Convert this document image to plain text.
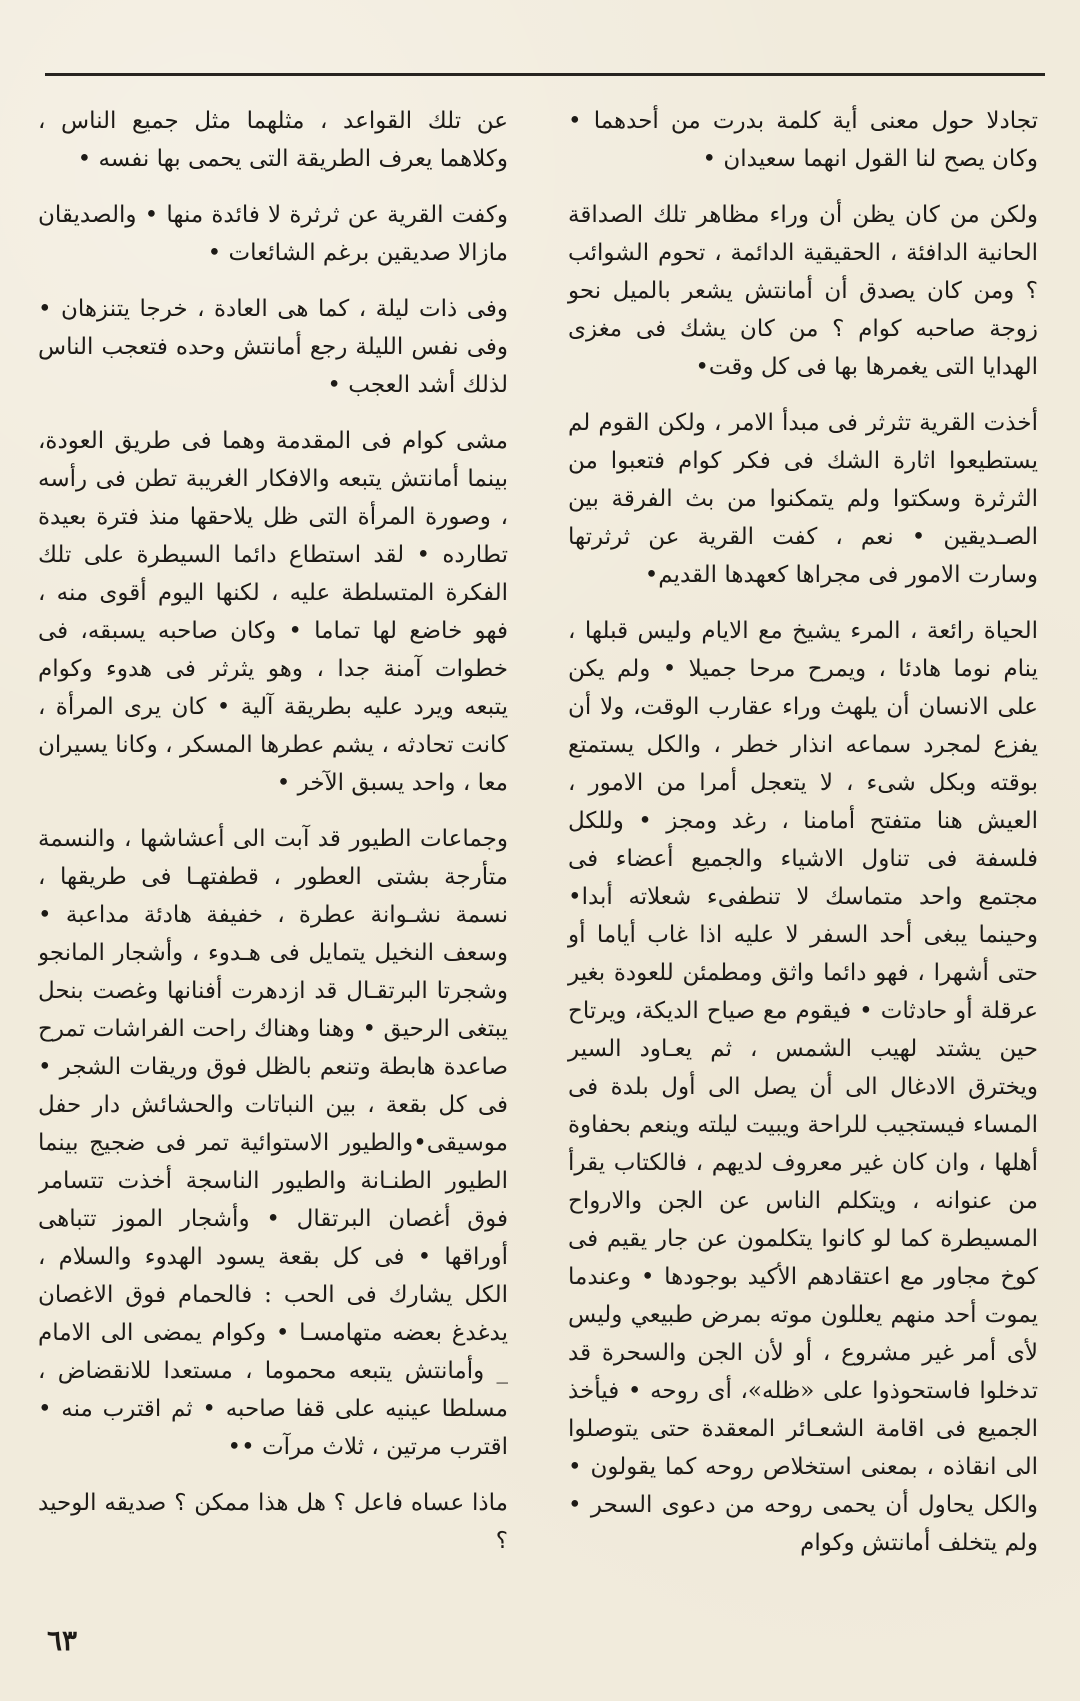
تجادلا حول معنى أية كلمة بدرت من أحدهما • وكان يصح لنا القول انهما سعيدان •

ولكن من كان يظن أن وراء مظاهر تلك الصداقة الحانية الدافئة ، الحقيقية الدائمة ، تحوم الشوائب ؟ ومن كان يصدق أن أمانتش يشعر بالميل نحو زوجة صاحبه كوام ؟ من كان يشك فى مغزى الهدايا التى يغمرها بها فى كل وقت•

أخذت القرية تثرثر فى مبدأ الامر ، ولكن القوم لم يستطيعوا اثارة الشك فى فكر كوام فتعبوا من الثرثرة وسكتوا ولم يتمكنوا من بث الفرقة بين الصـديقين • نعم ، كفت القرية عن ثرثرتها وسارت الامور فى مجراها كعهدها القديم•

الحياة رائعة ، المرء يشيخ مع الايام وليس قبلها ، ينام نوما هادئا ، ويمرح مرحا جميلا • ولم يكن على الانسان أن يلهث وراء عقارب الوقت، ولا أن يفزع لمجرد سماعه انذار خطر ، والكل يستمتع بوقته وبكل شىء ، لا يتعجل أمرا من الامور ، العيش هنا متفتح أمامنا ، رغد ومجز • وللكل فلسفة فى تناول الاشياء والجميع أعضاء فى مجتمع واحد متماسك لا تنطفىء شعلاته أبدا• وحينما يبغى أحد السفر لا عليه اذا غاب أياما أو حتى أشهرا ، فهو دائما واثق ومطمئن للعودة بغير عرقلة أو حادثات • فيقوم مع صياح الديكة، ويرتاح حين يشتد لهيب الشمس ، ثم يعـاود السير ويخترق الادغال الى أن يصل الى أول بلدة فى المساء فيستجيب للراحة ويبيت ليلته وينعم بحفاوة أهلها ، وان كان غير معروف لديهم ، فالكتاب يقرأ من عنوانه ، ويتكلم الناس عن الجن والارواح المسيطرة كما لو كانوا يتكلمون عن جار يقيم فى كوخ مجاور مع اعتقادهم الأكيد بوجودها • وعندما يموت أحد منهم يعللون موته بمرض طبيعي وليس لأى أمر غير مشروع ، أو لأن الجن والسحرة قد تدخلوا فاستحوذوا على «ظله»، أى روحه • فيأخذ الجميع فى اقامة الشعـائر المعقدة حتى يتوصلوا الى انقاذه ، بمعنى استخلاص روحه كما يقولون • والكل يحاول أن يحمى روحه من دعوى السحر • ولم يتخلف أمانتش وكوام

عن تلك القواعد ، مثلهما مثل جميع الناس ، وكلاهما يعرف الطريقة التى يحمى بها نفسه •

وكفت القرية عن ثرثرة لا فائدة منها • والصديقان مازالا صديقين برغم الشائعات •

وفى ذات ليلة ، كما هى العادة ، خرجا يتنزهان • وفى نفس الليلة رجع أمانتش وحده فتعجب الناس لذلك أشد العجب •

مشى كوام فى المقدمة وهما فى طريق العودة، بينما أمانتش يتبعه والافكار الغريبة تطن فى رأسه ، وصورة المرأة التى ظل يلاحقها منذ فترة بعيدة تطارده • لقد استطاع دائما السيطرة على تلك الفكرة المتسلطة عليه ، لكنها اليوم أقوى منه ، فهو خاضع لها تماما • وكان صاحبه يسبقه، فى خطوات آمنة جدا ، وهو يثرثر فى هدوء وكوام يتبعه ويرد عليه بطريقة آلية • كان يرى المرأة ، كانت تحادثه ، يشم عطرها المسكر ، وكانا يسيران معا ، واحد يسبق الآخر •

وجماعات الطيور قد آبت الى أعشاشها ، والنسمة متأرجة بشتى العطور ، قطفتهـا فى طريقها ، نسمة نشـوانة عطرة ، خفيفة هادئة مداعبة • وسعف النخيل يتمايل فى هـدوء ، وأشجار المانجو وشجرتا البرتقـال قد ازدهرت أفنانها وغصت بنحل يبتغى الرحيق • وهنا وهناك راحت الفراشات تمرح صاعدة هابطة وتنعم بالظل فوق وريقات الشجر • فى كل بقعة ، بين النباتات والحشائش دار حفل موسيقى•والطيور الاستوائية تمر فى ضجيج بينما الطيور الطنـانة والطيور الناسجة أخذت تتسامر فوق أغصان البرتقال • وأشجار الموز تتباهى أوراقها • فى كل بقعة يسود الهدوء والسلام ، الكل يشارك فى الحب : فالحمام فوق الاغصان يدغدغ بعضه متهامسـا • وكوام يمضى الى الامام _ وأمانتش يتبعه محموما ، مستعدا للانقضاض ، مسلطا عينيه على قفا صاحبه • ثم اقترب منه • اقترب مرتين ، ثلاث مرآت ••

ماذا عساه فاعل ؟ هل هذا ممكن ؟ صديقه الوحيد ؟

٦٣
